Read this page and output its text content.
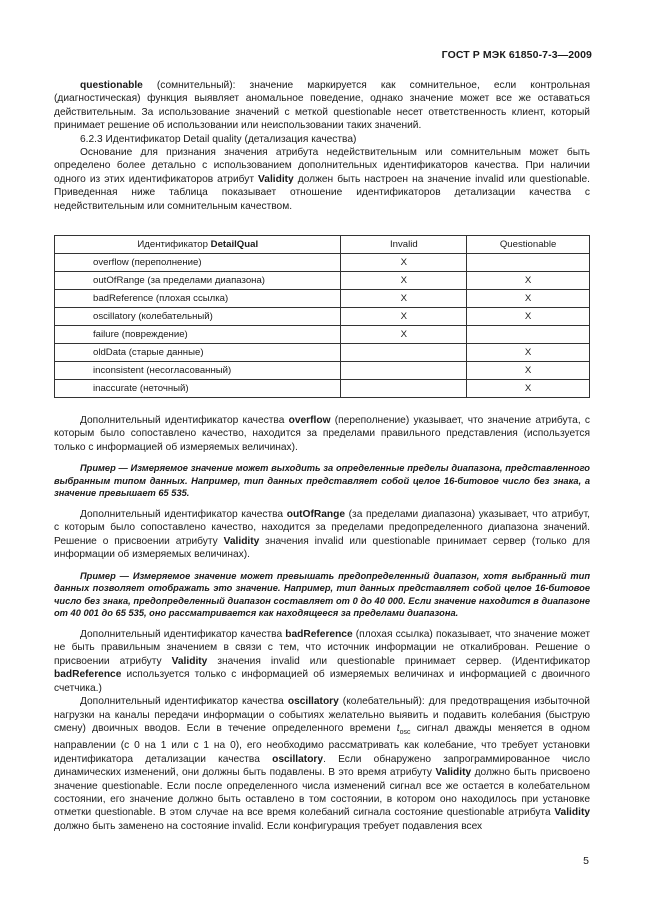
ГОСТ Р МЭК 61850-7-3—2009

questionable (сомнительный): значение маркируется как сомнительное, если контрольная (диагностическая) функция выявляет аномальное поведение, однако значение может все же оставаться действительным. За использование значений с меткой questionable несет ответственность клиент, который принимает решение об использовании или неиспользовании таких значений.

6.2.3 Идентификатор Detail quality (детализация качества)

Основание для признания значения атрибута недействительным или сомнительным может быть определено более детально с использованием дополнительных идентификаторов качества. При наличии одного из этих идентификаторов атрибут Validity должен быть настроен на значение invalid или questionable. Приведенная ниже таблица показывает отношение идентификаторов детализации качества с недействительным или сомнительным качеством.

Идентификатор DetailQual	Invalid	Questionable
overflow (переполнение)	X	
outOfRange (за пределами диапазона)	X	X
badReference (плохая ссылка)	X	X
oscillatory (колебательный)	X	X
failure (повреждение)	X	
oldData (старые данные)		X
inconsistent (несогласованный)		X
inaccurate (неточный)		X

Дополнительный идентификатор качества overflow (переполнение) указывает, что значение атрибута, с которым было сопоставлено качество, находится за пределами правильного представления (используется только с информацией об измеряемых величинах).

Пример — Измеряемое значение может выходить за определенные пределы диапазона, представленного выбранным типом данных. Например, тип данных представляет собой целое 16-битовое число без знака, а значение превышает 65 535.

Дополнительный идентификатор качества outOfRange (за пределами диапазона) указывает, что атрибут, с которым было сопоставлено качество, находится за пределами предопределенного диапазона значений. Решение о присвоении атрибуту Validity значения invalid или questionable принимает сервер (только для информации об измеряемых величинах).

Пример — Измеряемое значение может превышать предопределенный диапазон, хотя выбранный тип данных позволяет отображать это значение. Например, тип данных представляет собой целое 16-битовое число без знака, предопределенный диапазон составляет от 0 до 40 000. Если значение находится в диапазоне от 40 001 до 65 535, оно рассматривается как находящееся за пределами диапазона.

Дополнительный идентификатор качества badReference (плохая ссылка) показывает, что значение может не быть правильным значением в связи с тем, что источник информации не откалиброван. Решение о присвоении атрибуту Validity значения invalid или questionable принимает сервер. (Идентификатор badReference используется только с информацией об измеряемых величинах и информацией с двоичного счетчика.)

Дополнительный идентификатор качества oscillatory (колебательный): для предотвращения избыточной нагрузки на каналы передачи информации о событиях желательно выявить и подавить колебания (быструю смену) двоичных вводов. Если в течение определенного времени $t_{osc}$ сигнал дважды меняется в одном направлении (с 0 на 1 или с 1 на 0), его необходимо рассматривать как колебание, что требует установки идентификатора детализации качества oscillatory. Если обнаружено запрограммированное число динамических изменений, они должны быть подавлены. В это время атрибуту Validity должно быть присвоено значение questionable. Если после определенного числа изменений сигнал все же остается в колебательном состоянии, его значение должно быть оставлено в том состоянии, в котором оно находилось при установке отметки questionable. В этом случае на все время колебаний сигнала состояние questionable атрибута Validity должно быть заменено на состояние invalid. Если конфигурация требует подавления всех

5
